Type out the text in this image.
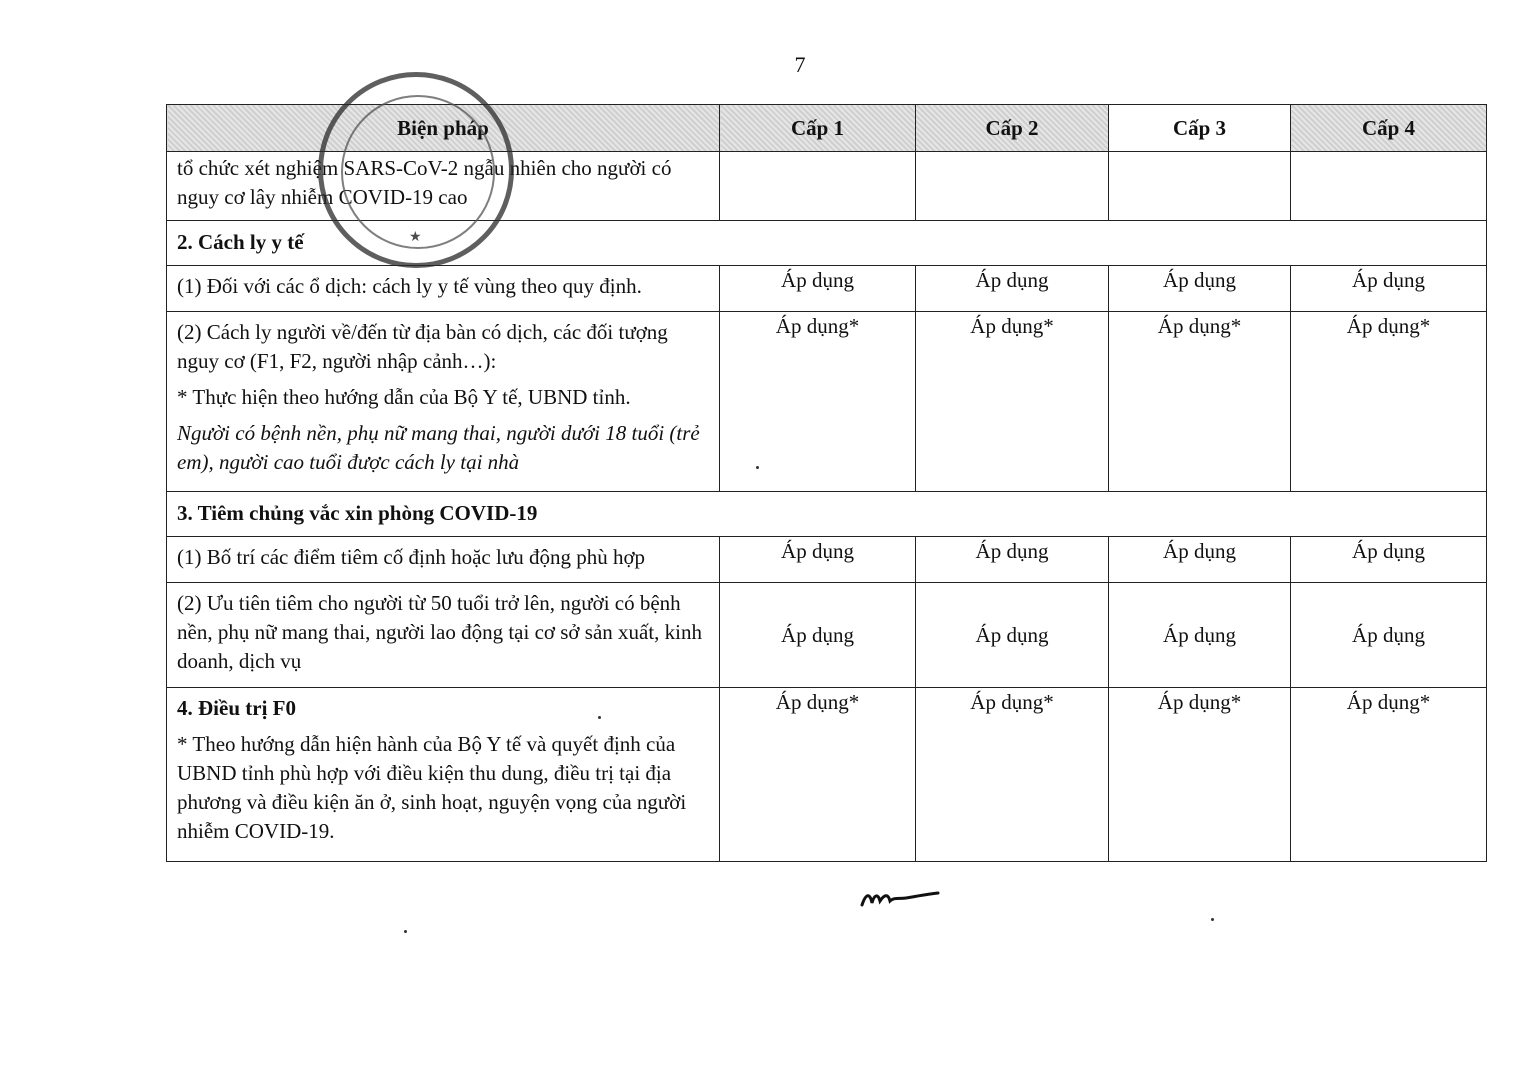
7
Biện pháp	Cấp 1	Cấp 2	Cấp 3	Cấp 4

tổ chức xét nghiệm SARS-CoV-2 ngẫu nhiên cho người có nguy cơ lây nhiễm COVID-19 cao				

2. Cách ly y tế				

(1) Đối với các ổ dịch: cách ly y tế vùng theo quy định.	Áp dụng	Áp dụng	Áp dụng	Áp dụng

(2) Cách ly người về/đến từ địa bàn có dịch, các đối tượng nguy cơ (F1, F2, người nhập cảnh…):

* Thực hiện theo hướng dẫn của Bộ Y tế, UBND tỉnh.

Người có bệnh nền, phụ nữ mang thai, người dưới 18 tuổi (trẻ em), người cao tuổi được cách ly tại nhà	Áp dụng*	Áp dụng*	Áp dụng*	Áp dụng*

3. Tiêm chủng vắc xin phòng COVID-19				

(1) Bố trí các điểm tiêm cố định hoặc lưu động phù hợp	Áp dụng	Áp dụng	Áp dụng	Áp dụng

(2) Ưu tiên tiêm cho người từ 50 tuổi trở lên, người có bệnh nền, phụ nữ mang thai, người lao động tại cơ sở sản xuất, kinh doanh, dịch vụ	Áp dụng	Áp dụng	Áp dụng	Áp dụng

4. Điều trị F0

* Theo hướng dẫn hiện hành của Bộ Y tế và quyết định của UBND tỉnh phù hợp với điều kiện thu dung, điều trị tại địa phương và điều kiện ăn ở, sinh hoạt, nguyện vọng của người nhiễm COVID-19.	Áp dụng*	Áp dụng*	Áp dụng*	Áp dụng*
★
